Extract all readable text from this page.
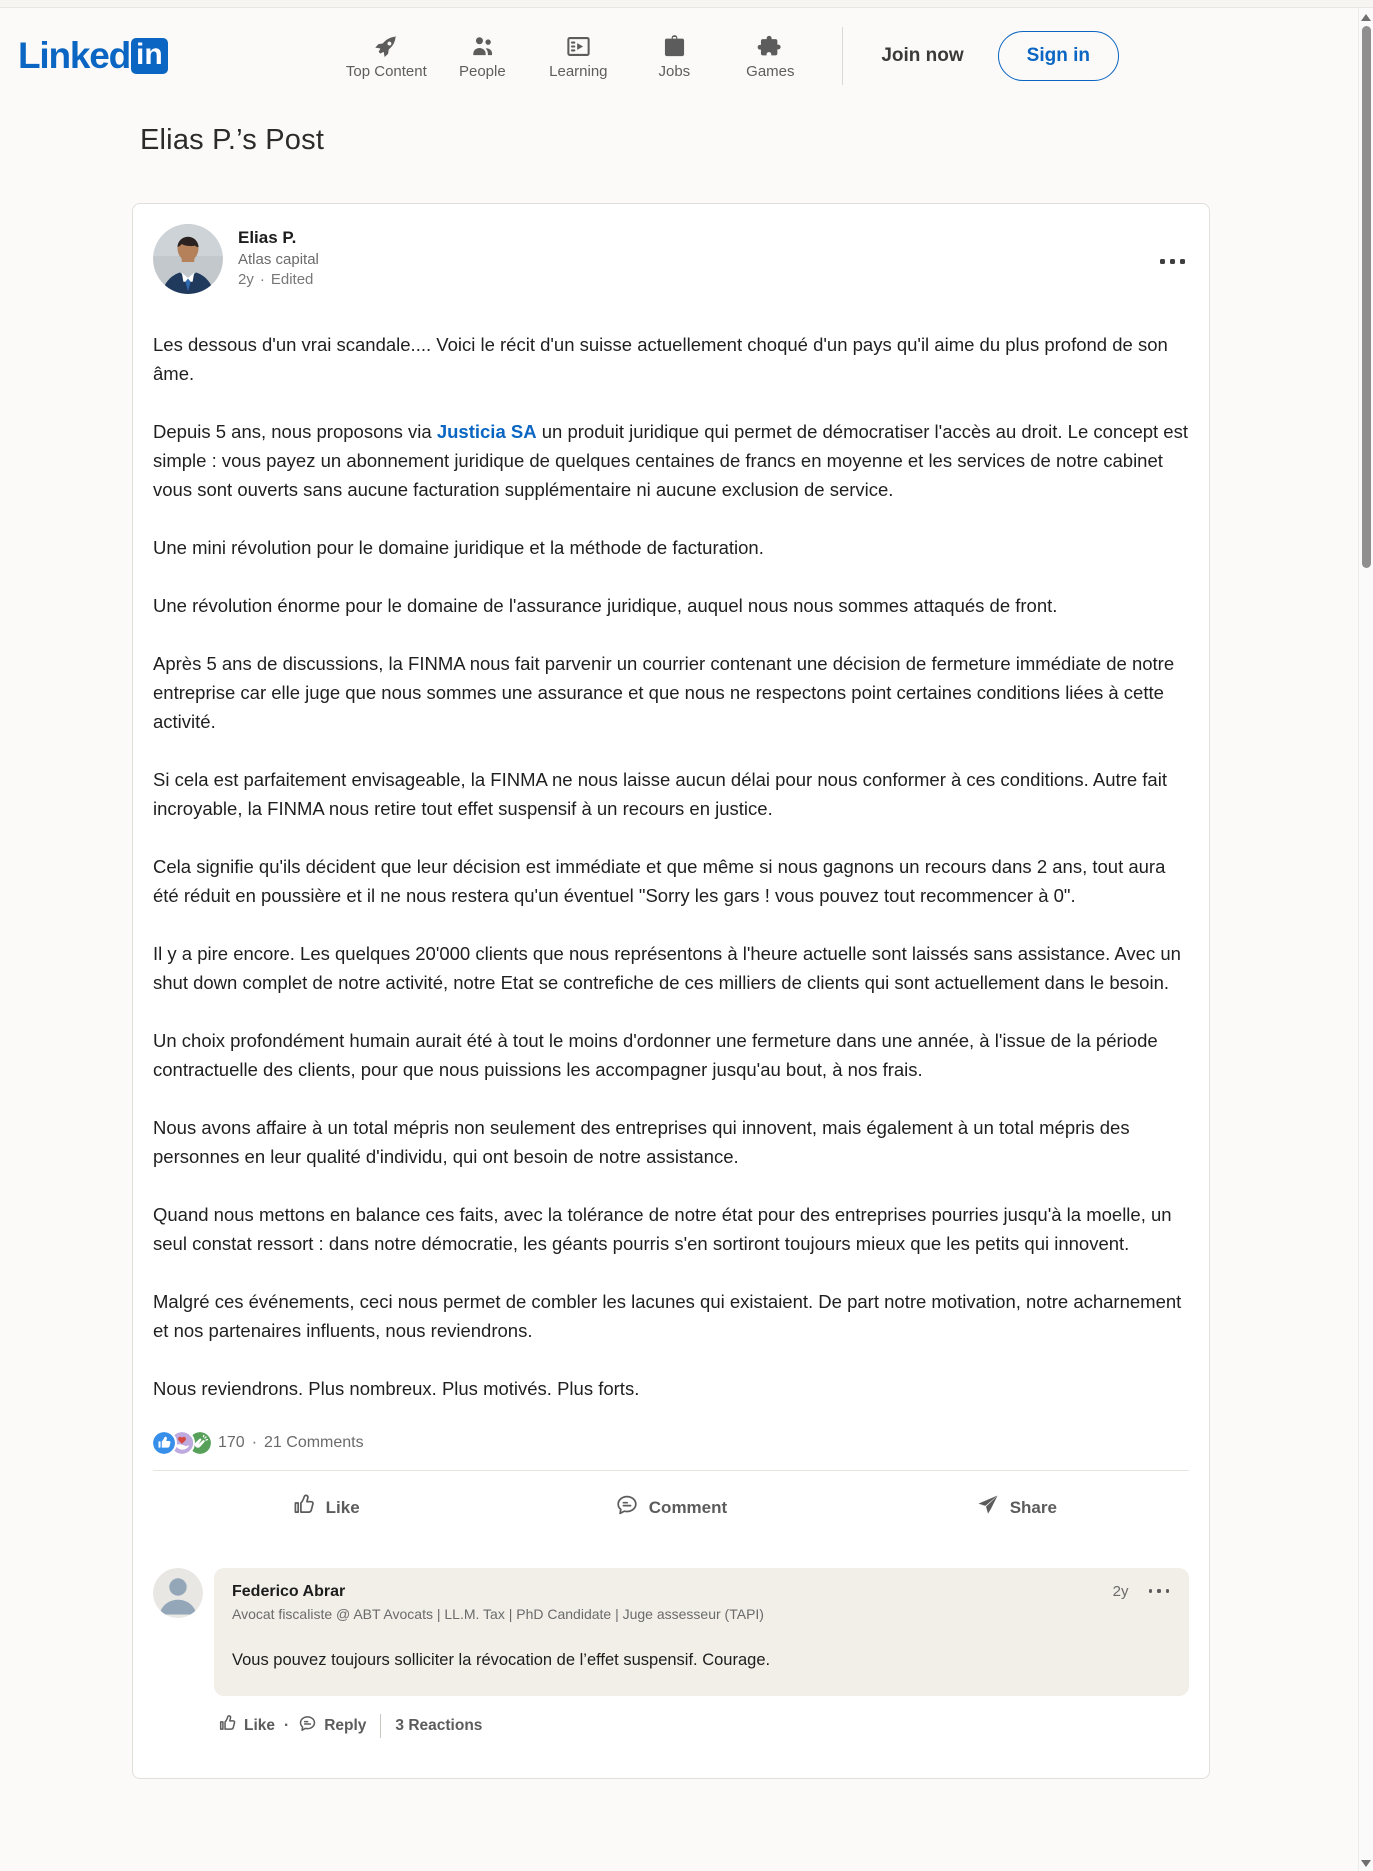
Linked in	Top Content People	Learning	Jobs	Games
Join now	Sign in
Elias P.’s Post
Elias P.
Atlas capital
2y · Edited

Les dessous d'un vrai scandale.... Voici le récit d'un suisse actuellement choqué d'un pays qu'il aime du plus profond de son âme.

Depuis 5 ans, nous proposons via Justicia SA un produit juridique qui permet de démocratiser l'accès au droit. Le concept est simple : vous payez un abonnement juridique de quelques centaines de francs en moyenne et les services de notre cabinet vous sont ouverts sans aucune facturation supplémentaire ni aucune exclusion de service.

Une mini révolution pour le domaine juridique et la méthode de facturation.

Une révolution énorme pour le domaine de l'assurance juridique, auquel nous nous sommes attaqués de front.

Après 5 ans de discussions, la FINMA nous fait parvenir un courrier contenant une décision de fermeture immédiate de notre entreprise car elle juge que nous sommes une assurance et que nous ne respectons point certaines conditions liées à cette activité.

Si cela est parfaitement envisageable, la FINMA ne nous laisse aucun délai pour nous conformer à ces conditions. Autre fait incroyable, la FINMA nous retire tout effet suspensif à un recours en justice.

Cela signifie qu'ils décident que leur décision est immédiate et que même si nous gagnons un recours dans 2 ans, tout aura été réduit en poussière et il ne nous restera qu'un éventuel "Sorry les gars ! vous pouvez tout recommencer à 0".

Il y a pire encore. Les quelques 20'000 clients que nous représentons à l'heure actuelle sont laissés sans assistance. Avec un shut down complet de notre activité, notre Etat se contrefiche de ces milliers de clients qui sont actuellement dans le besoin.

Un choix profondément humain aurait été à tout le moins d'ordonner une fermeture dans une année, à l'issue de la période contractuelle des clients, pour que nous puissions les accompagner jusqu'au bout, à nos frais.

Nous avons affaire à un total mépris non seulement des entreprises qui innovent, mais également à un total mépris des personnes en leur qualité d'individu, qui ont besoin de notre assistance.

Quand nous mettons en balance ces faits, avec la tolérance de notre état pour des entreprises pourries jusqu'à la moelle, un seul constat ressort : dans notre démocratie, les géants pourris s'en sortiront toujours mieux que les petits qui innovent.

Malgré ces événements, ceci nous permet de combler les lacunes qui existaient. De part notre motivation, notre acharnement et nos partenaires influents, nous reviendrons.

Nous reviendrons. Plus nombreux. Plus motivés. Plus forts.

170 · 21 Comments
Like	Comment	Share
Federico Abrar
Avocat fiscaliste @ ABT Avocats | LL.M. Tax | PhD Candidate | Juge assesseur (TAPI)
2y
Vous pouvez toujours solliciter la révocation de l’effet suspensif. Courage.
Like · Reply 3 Reactions
